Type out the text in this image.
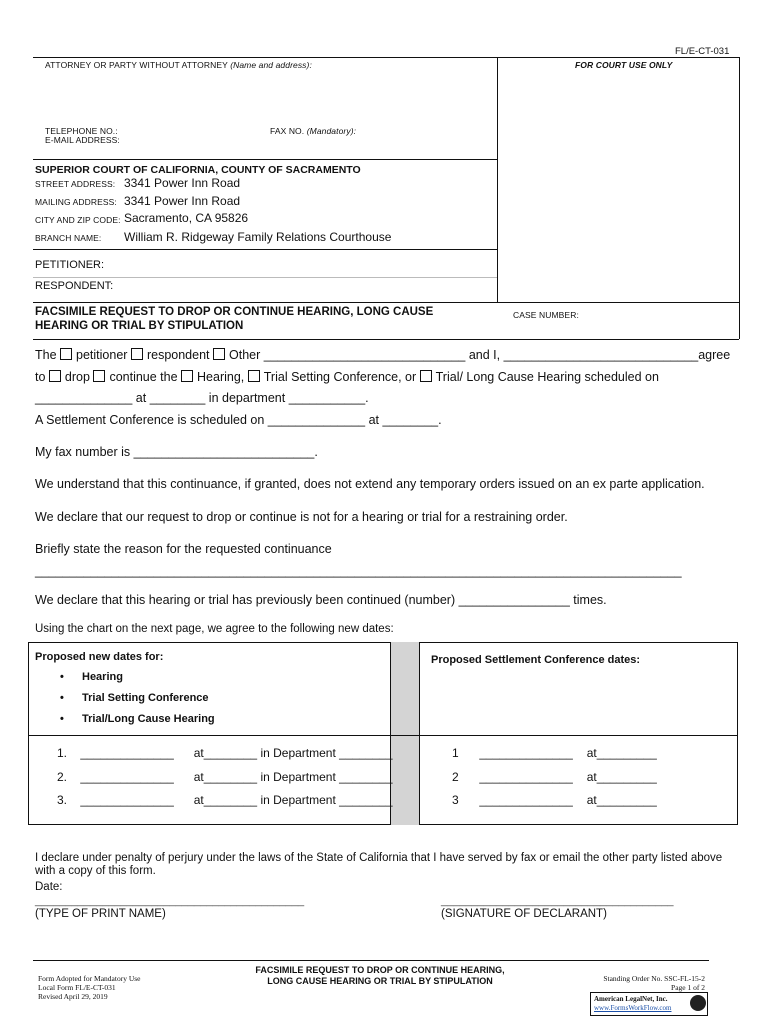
FL/E-CT-031
ATTORNEY OR PARTY WITHOUT ATTORNEY (Name and address):	FOR COURT USE ONLY
TELEPHONE NO.:
E-MAIL ADDRESS:
FAX NO. (Mandatory):
SUPERIOR COURT OF CALIFORNIA, COUNTY OF SACRAMENTO
STREET ADDRESS: 3341 Power Inn Road
MAILING ADDRESS: 3341 Power Inn Road
CITY AND ZIP CODE: Sacramento, CA 95826
BRANCH NAME: William R. Ridgeway Family Relations Courthouse
PETITIONER:
RESPONDENT:
FACSIMILE REQUEST TO DROP OR CONTINUE HEARING, LONG CAUSE
HEARING OR TRIAL BY STIPULATION
CASE NUMBER:
The petitioner respondent Other _____________________________ and I, ____________________________agree
to drop continue the Hearing, Trial Setting Conference, or Trial/ Long Cause Hearing scheduled on
______________ at ________ in department ___________.
A Settlement Conference is scheduled on ______________ at ________.
My fax number is __________________________.
We understand that this continuance, if granted, does not extend any temporary orders issued on an ex parte application.
We declare that our request to drop or continue is not for a hearing or trial for a restraining order.
Briefly state the reason for the requested continuance
_____________________________________________________________________________________________
We declare that this hearing or trial has previously been continued (number) ________________ times.
Using the chart on the next page, we agree to the following new dates:
Proposed new dates for:
• Hearing
• Trial Setting Conference
• Trial/Long Cause Hearing
Proposed Settlement Conference dates:
1. ______________ at________ in Department ________
2. ______________ at________ in Department ________
3. ______________ at________ in Department ________
1 ______________ at_________
2 ______________ at_________
3 ______________ at_________
I declare under penalty of perjury under the laws of the State of California that I have served by fax or email the other party listed above
with a copy of this form.
Date:
____________________________________________	______________________________________
(TYPE OF PRINT NAME)	(SIGNATURE OF DECLARANT)
Form Adopted for Mandatory Use
Local Form FL/E-CT-031
Revised April 29, 2019
FACSIMILE REQUEST TO DROP OR CONTINUE HEARING,
LONG CAUSE HEARING OR TRIAL BY STIPULATION	Standing Order No. SSC-FL-15-2
Page 1 of 2
American LegalNet, Inc.
www.FormsWorkFlow.com
